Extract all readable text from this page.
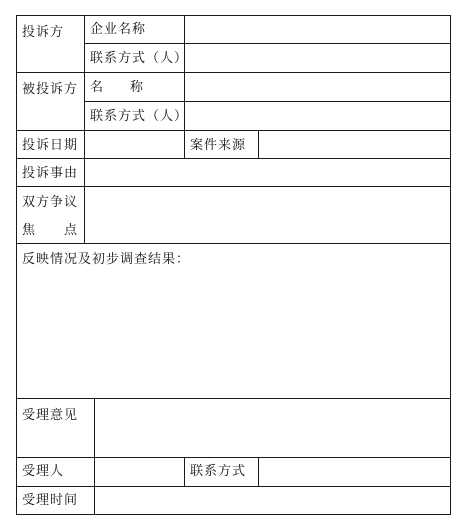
投诉方 企业名称
联系方式（人）
被投诉方 名 称
联系方式（人）
投诉日期	案件来源
投诉事由
双方争议
焦 点
反映情况及初步调查结果：
受理意见
受理人	联系方式
受理时间
